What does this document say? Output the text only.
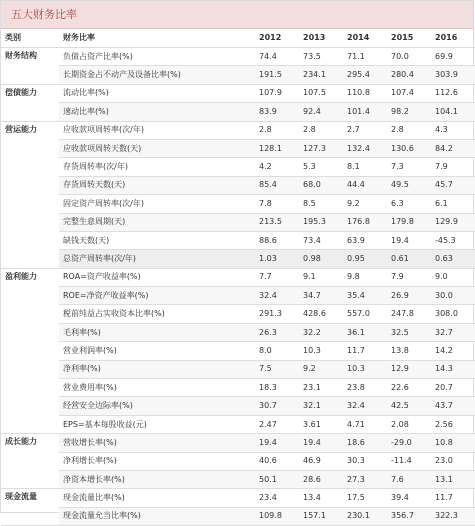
五大财务比率
类别	财务比率	2012	2013	2014	2015	2016
财务结构	负债占资产比率(%)	74.4	73.5	71.1	70.0	69.9
	长期资金占不动产及设备比率(%)	191.5	234.1	295.4	280.4	303.9
偿债能力	流动比率(%)	107.9	107.5	110.8	107.4	112.6
	速动比率(%)	83.9	92.4	101.4	98.2	104.1
营运能力	应收款项周转率(次/年)	2.8	2.8	2.7	2.8	4.3
	应收款项周转天数(天)	128.1	127.3	132.4	130.6	84.2
	存货周转率(次/年)	4.2	5.3	8.1	7.3	7.9
	存货周转天数(天)	85.4	68.0	44.4	49.5	45.7
	固定资产周转率(次/年)	7.8	8.5	9.2	6.3	6.1
	完整生意周期(天)	213.5	195.3	176.8	179.8	129.9
	缺钱天数(天)	88.6	73.4	63.9	19.4	-45.3
	总资产周转率(次/年)	1.03	0.98	0.95	0.61	0.63
盈利能力	ROA=资产收益率(%)	7.7	9.1	9.8	7.9	9.0
	ROE=净资产收益率(%)	32.4	34.7	35.4	26.9	30.0
	税前纯益占实收资本比率(%)	291.3	428.6	557.0	247.8	308.0
	毛利率(%)	26.3	32.2	36.1	32.5	32.7
	营业利润率(%)	8.0	10.3	11.7	13.8	14.2
	净利率(%)	7.5	9.2	10.3	12.9	14.3
	营业费用率(%)	18.3	23.1	23.8	22.6	20.7
	经营安全边际率(%)	30.7	32.1	32.4	42.5	43.7
	EPS=基本每股收益(元)	2.47	3.61	4.71	2.08	2.56
成长能力	营收增长率(%)	19.4	19.4	18.6	-29.0	10.8
	净利增长率(%)	40.6	46.9	30.3	-11.4	23.0
	净资本增长率(%)	50.1	28.6	27.3	7.6	13.1
现金流量	现金流量比率(%)	23.4	13.4	17.5	39.4	11.7
	现金流量允当比率(%)	109.8	157.1	230.1	356.7	322.3
